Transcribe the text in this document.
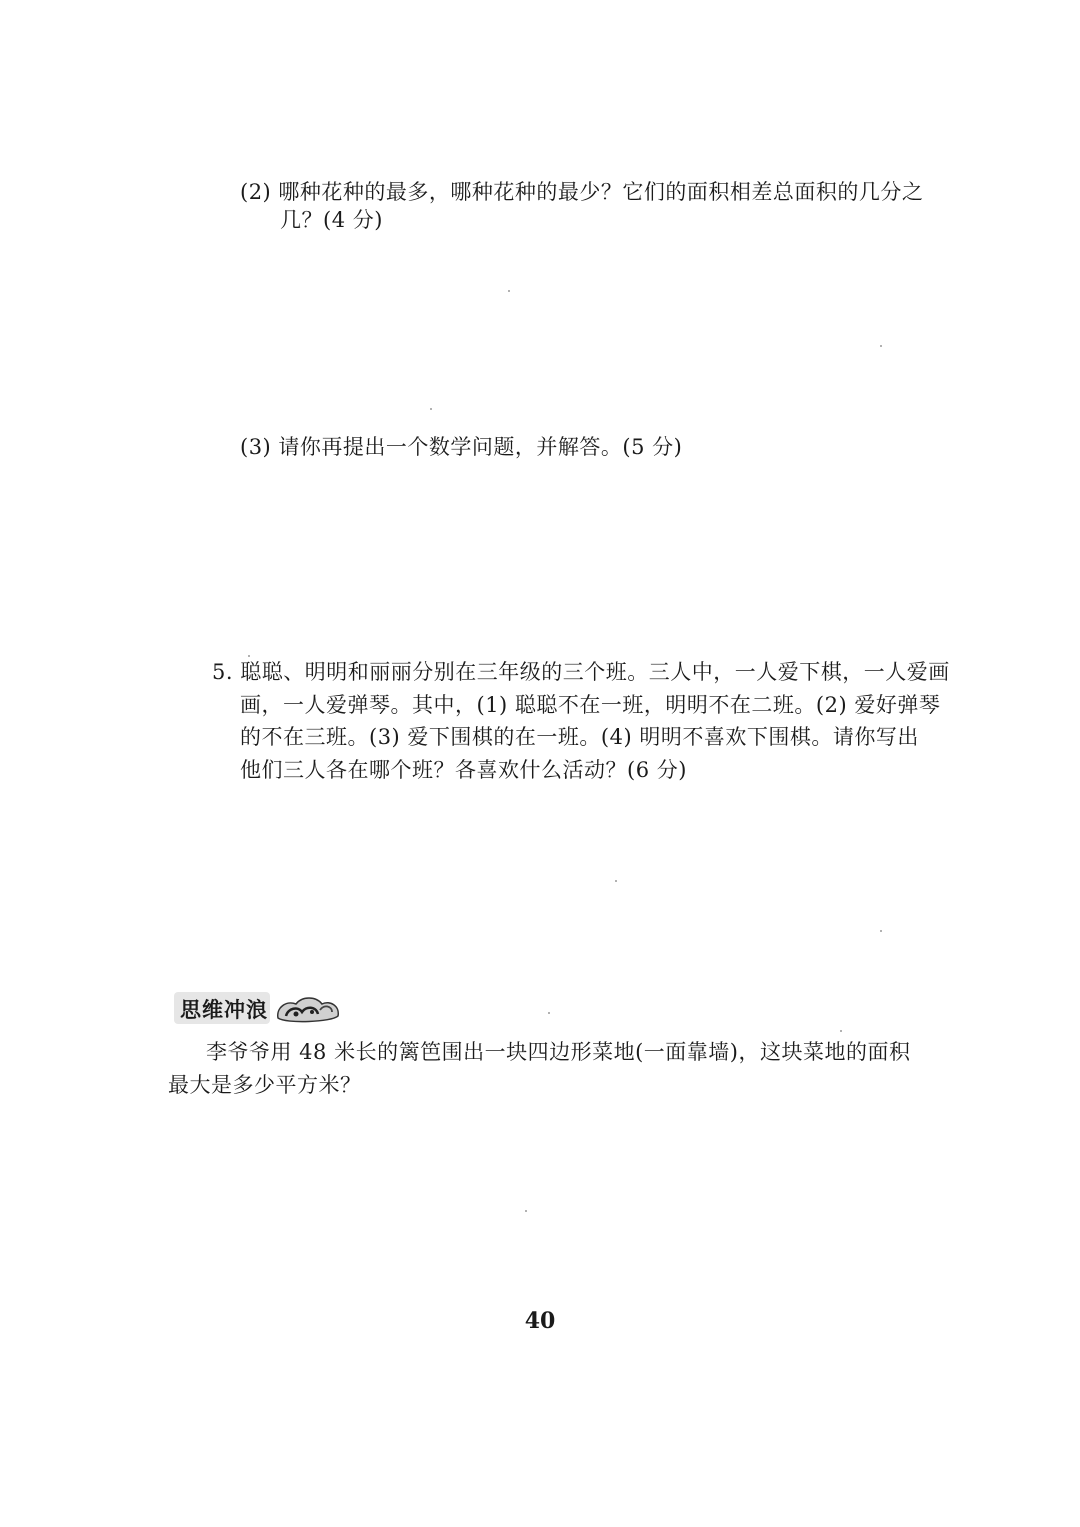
(2) 哪种花种的最多，哪种花种的最少？它们的面积相差总面积的几分之
几？(4 分)
(3) 请你再提出一个数学问题，并解答。(5 分)
5. 聪聪、明明和丽丽分别在三年级的三个班。三人中，一人爱下棋，一人爱画
画，一人爱弹琴。其中，(1) 聪聪不在一班，明明不在二班。(2) 爱好弹琴
的不在三班。(3) 爱下围棋的在一班。(4) 明明不喜欢下围棋。请你写出
他们三人各在哪个班？各喜欢什么活动？(6 分)
思维冲浪
李爷爷用 48 米长的篱笆围出一块四边形菜地(一面靠墙)，这块菜地的面积
最大是多少平方米？
40
